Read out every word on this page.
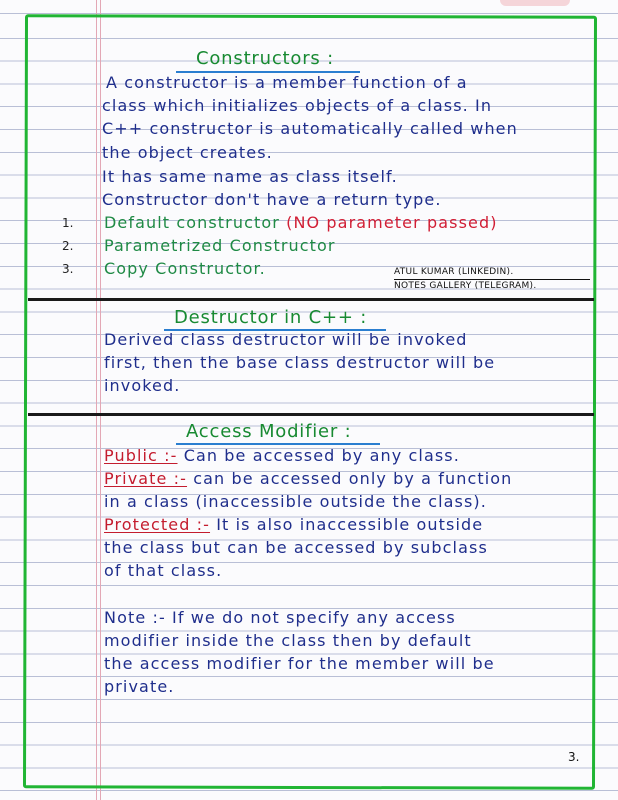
Constructors :
A constructor is a member function of a
class which initializes objects of a class. In
C++ constructor is automatically called when
the object creates.
It has same name as class itself.
Constructor don't have a return type.
1. Default constructor (NO parameter passed)
2. Parametrized Constructor
3. Copy Constructor.	ATUL KUMAR (LINKEDIN).
NOTES GALLERY (TELEGRAM).
Destructor in C++ :
Derived class destructor will be invoked
first, then the base class destructor will be
invoked.
Access Modifier :
Public :- Can be accessed by any class.
Private :- can be accessed only by a function
in a class (inaccessible outside the class).
Protected :- It is also inaccessible outside
the class but can be accessed by subclass
of that class.
Note :- If we do not specify any access
modifier inside the class then by default
the access modifier for the member will be
private.
3.
